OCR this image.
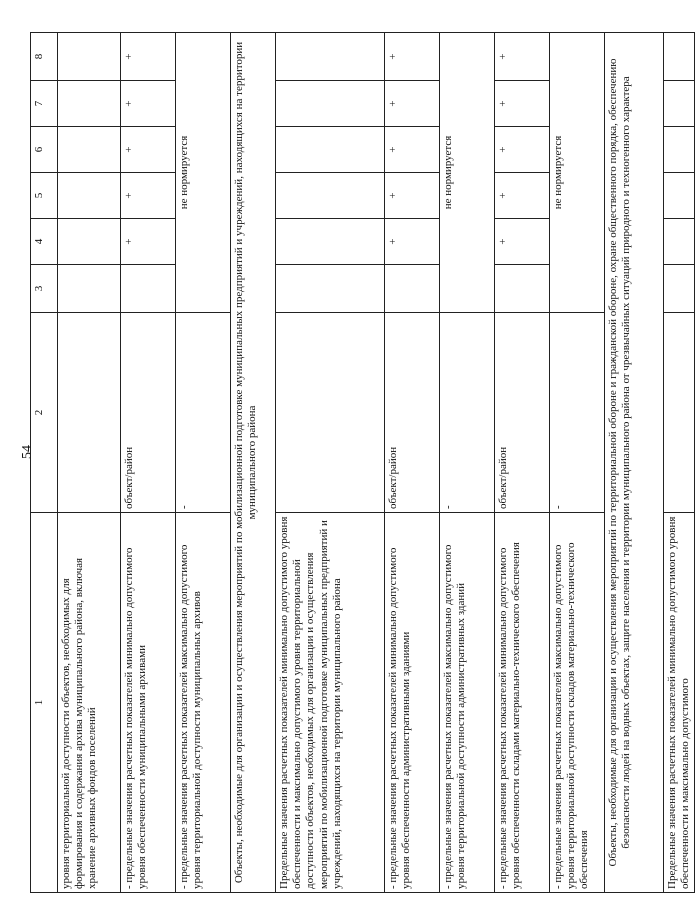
54
1	2	3	4	5	6	7	8
уровня территориальной доступности объектов, необходимых для формирования и содержания архива муниципального района, включая хранение архивных фондов поселений							
- предельные значения расчетных показателей минимально допустимого уровня обеспеченности муниципальными архивами	объект/район		+	+	+	+	+
- предельные значения расчетных показателей максимально допустимого уровня территориальной доступности муниципальных архивов	-	не нормируется					
Объекты, необходимые для организации и осуществления мероприятий по мобилизационной подготовке муниципальных предприятий и учреждений, находящихся на территории муниципального района							
Предельные значения расчетных показателей минимально допустимого уровня обеспеченности и максимально допустимого уровня территориальной доступности объектов, необходимых для организации и осуществления мероприятий по мобилизационной подготовке муниципальных предприятий и учреждений, находящихся на территории муниципального района							
- предельные значения расчетных показателей минимально допустимого уровня обеспеченности административными зданиями	объект/район		+	+	+	+	+
- предельные значения расчетных показателей максимально допустимого уровня территориальной доступности административных зданий	-	не нормируется					
- предельные значения расчетных показателей минимально допустимого уровня обеспеченности складами материально-технического обеспечения	объект/район		+	+	+	+	+
- предельные значения расчетных показателей максимально допустимого уровня территориальной доступности складов материально-технического обеспечения	-	не нормируется					
Объекты, необходимые для организации и осуществления мероприятий по территориальной обороне и гражданской обороне, охране общественного порядка, обеспечению безопасности людей на водных объектах, защите населения и территории муниципального района от чрезвычайных ситуаций природного и техногенного характера							
Предельные значения расчетных показателей минимально допустимого уровня обеспеченности и максимально допустимого							
